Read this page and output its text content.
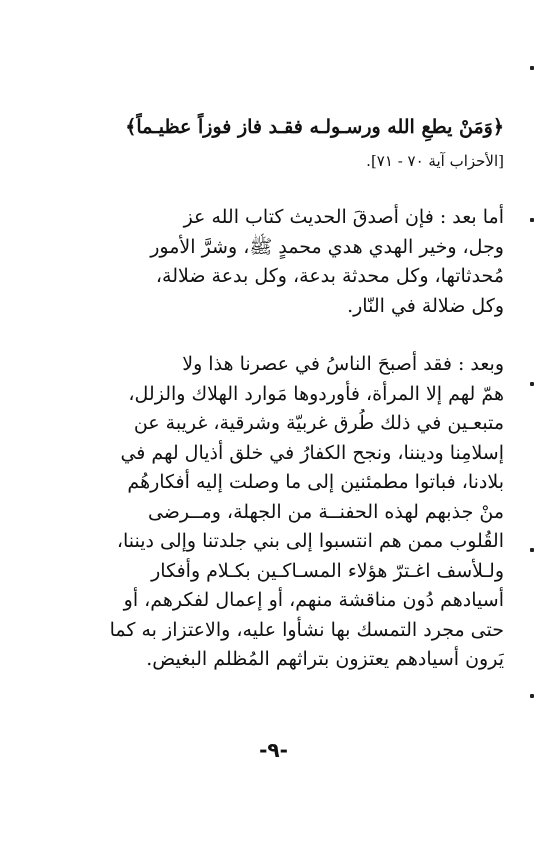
﴿وَمَنْ يطعِ الله ورسـولـه فقـد فاز فوزاً عظيـماً﴾
[الأحزاب آية ٧٠ - ٧١].
أما بعد : فإن أصدقَ الحديث كتاب الله عز
وجل، وخير الهدي هدي محمدٍ ﷺ، وشرَّ الأمور
مُحدثاتها، وكل محدثة بدعة، وكل بدعة ضلالة،
وكل ضلالة في النّار.
وبعد : فقد أصبحَ الناسُ في عصرنا هذا ولا
همّ لهم إلا المرأة، فأوردوها مَوارد الهلاك والزلل،
متبعـين في ذلك طُرق غربيّة وشرقية، غريبة عن
إسلامِنا وديننا، ونجح الكفارُ في خلق أذيال لهم في
بلادنا، فباتوا مطمئنين إلى ما وصلت إليه أفكارهُم
منْ جذبهم لهذه الحفنــة من الجهلة، ومــرضى
القُلوب ممن هم انتسبوا إلى بني جلدتنا وإلى ديننا،
ولـلأسف اغـترّ هؤلاء المسـاكـين بكـلام وأفكار
أسيادهم دُون مناقشة منهم، أو إعمال لفكرهم، أو
حتى مجرد التمسك بها نشأوا عليه، والاعتزاز به كما
يَرون أسيادهم يعتزون بتراثهم المُظلم البغيض.
-٩-
